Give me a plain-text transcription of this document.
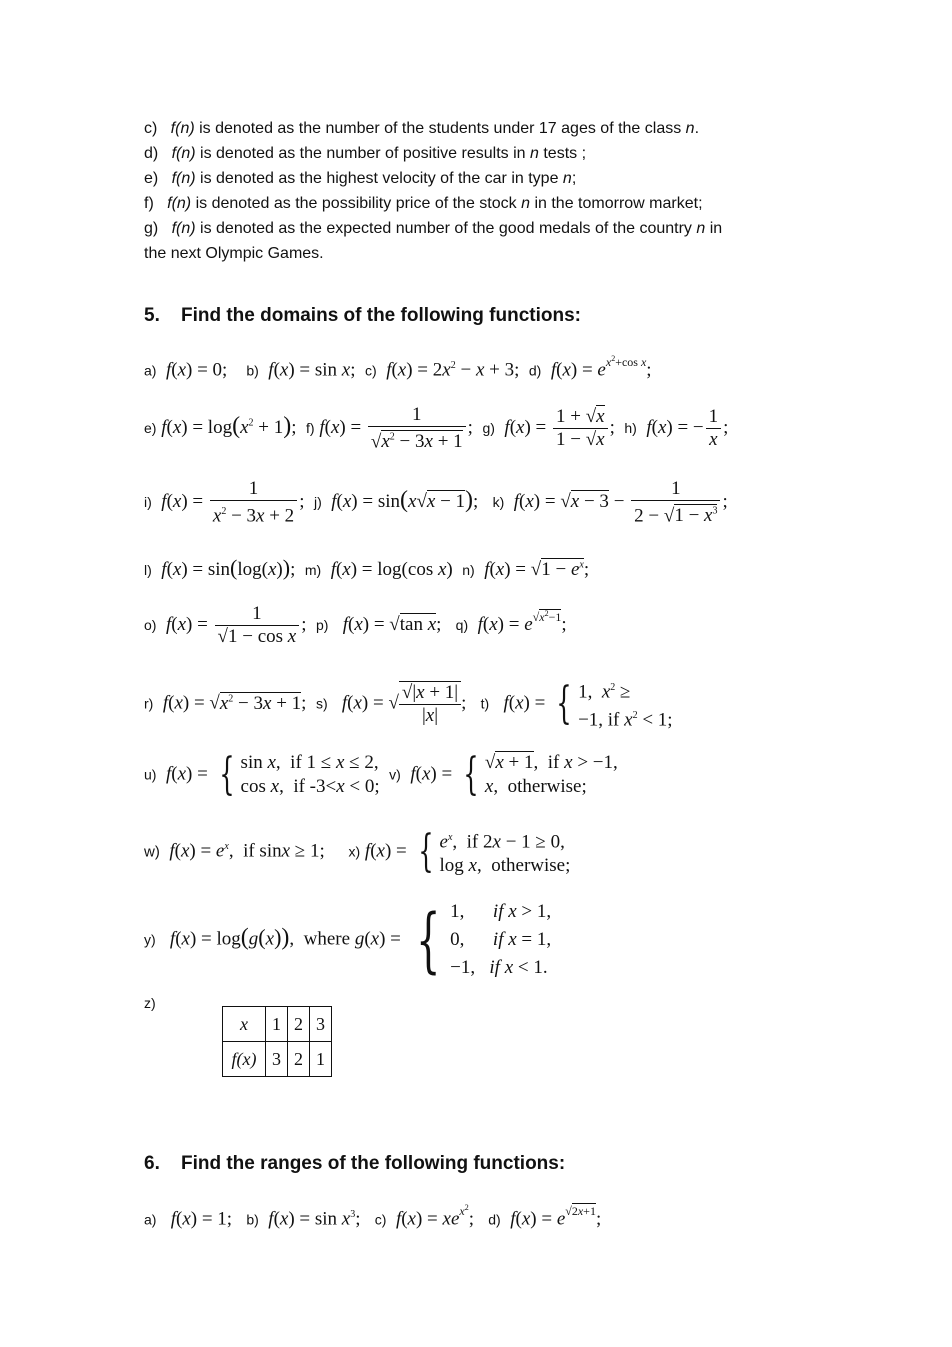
c) f(n) is denoted as the number of the students under 17 ages of the class n.
d) f(n) is denoted as the number of positive results in n tests ;
e) f(n) is denoted as the highest velocity of the car in type n;
f) f(n) is denoted as the possibility price of the stock n in the tomorrow market;
g) f(n) is denoted as the expected number of the good medals of the country n in
the next Olympic Games.
5. Find the domains of the following functions:
a) f(x) = 0;    b) f(x) = sin x;  c) $f(x) = 2x^2 - x + 3$;  d) $f(x) = e^{x^2+cos x}$;
e) $f(x) = \log(x^2 + 1)$;  f) $f(x) = \frac{1}{√x^2 - 3x + 1}$ ;  g) $f(x) = \frac{1 + √x}{1 - √x}$ ;  h) f(x) = − $\frac{1}{x}$ ;
i) $f(x) = \frac{1}{x^2 - 3x + 2}$ ;  j) f(x) = sin(x√x − 1);   k) $f(x) = √x - 3 - \frac{1}{2 - √1 - x^3}$ ;
l) f(x) = sin(log(x));  m) f(x) = log(cos x)  n) $f(x) = √1 - e^x$;
o) $f(x) = \frac{1}{\text{√1 − cos x}}$ ;  p) f(x) = √tan x;   q) $f(x) = e^{√x^2-1}$;
r) $f(x) = √x^2 - 3x + 1$;  s) f(x) = √ $\frac{√|x + 1|}{|x|}$ ;   t) f(x) = { 1,  $x^2$ ≥
−1, if $x^2 < 1$;
u) f(x) = { sin x,  if 1 ≤ x ≤ 2,
cos x,  if -3<x < 0;  v) f(x) = { √x + 1,  if x > −1,
x,  otherwise;
w) $f(x) = e^x$,  if sinx ≥ 1;     x) f(x) = { $e^x$,  if 2x − 1 ≥ 0,
log x,  otherwise;
y) f(x) = log(g(x)),  where g(x) = { 1,      if x > 1,
0,      if x = 1,
−1,   if x < 1.
z)
x	1	2	3
f(x)	3	2	1
6. Find the ranges of the following functions:
a) f(x) = 1;   b) $f(x) = \sin x^3$;   c) $f(x) = xe^{x^2}$;   d) $f(x) = e^{√2x+1}$;
